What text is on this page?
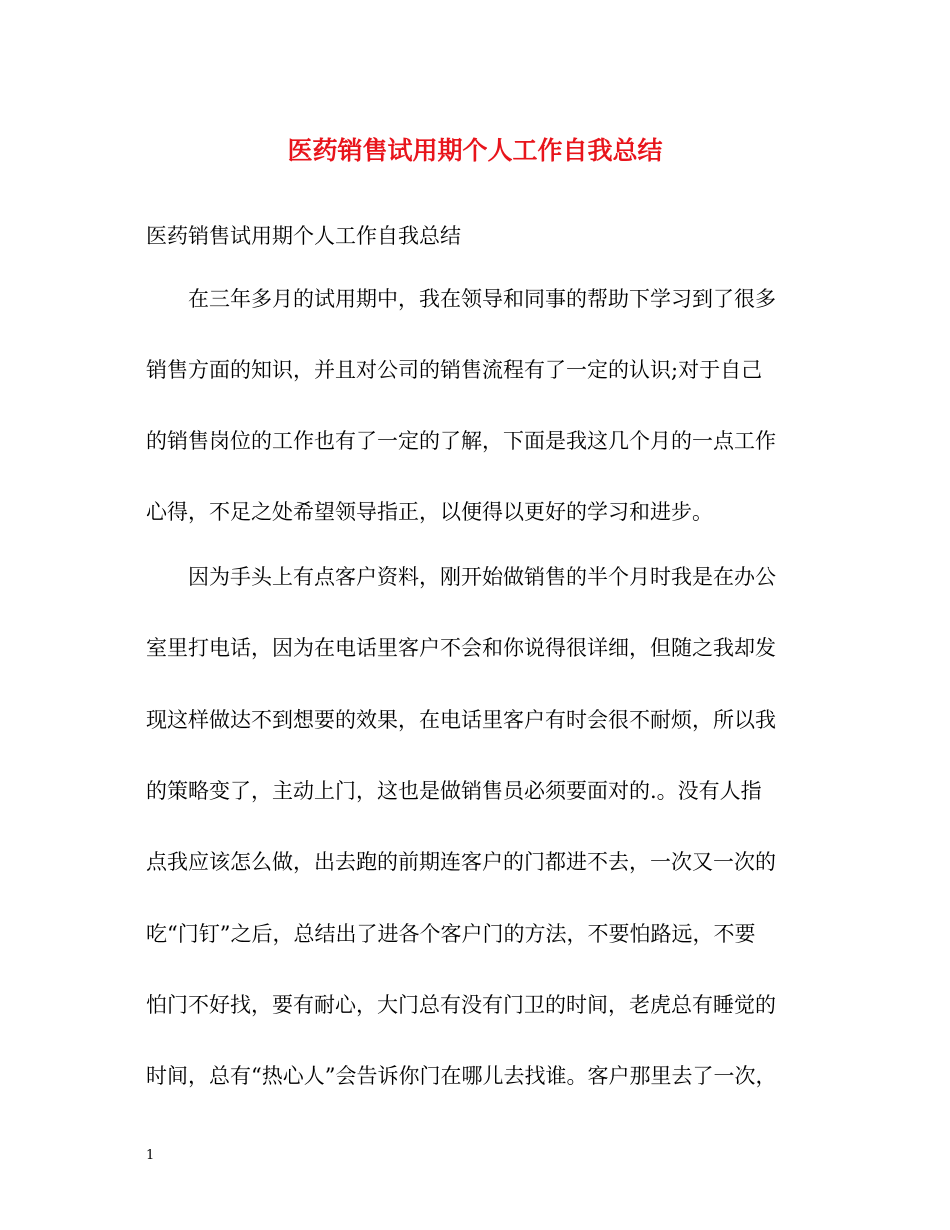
医药销售试用期个人工作自我总结
医药销售试用期个人工作自我总结
在三年多月的试用期中，我在领导和同事的帮助下学习到了很多
销售方面的知识，并且对公司的销售流程有了一定的认识;对于自己
的销售岗位的工作也有了一定的了解，下面是我这几个月的一点工作
心得，不足之处希望领导指正，以便得以更好的学习和进步。
因为手头上有点客户资料，刚开始做销售的半个月时我是在办公
室里打电话，因为在电话里客户不会和你说得很详细，但随之我却发
现这样做达不到想要的效果，在电话里客户有时会很不耐烦，所以我
的策略变了，主动上门，这也是做销售员必须要面对的.。没有人指
点我应该怎么做，出去跑的前期连客户的门都进不去，一次又一次的
吃“门钉”之后，总结出了进各个客户门的方法，不要怕路远，不要
怕门不好找，要有耐心，大门总有没有门卫的时间，老虎总有睡觉的
时间，总有“热心人”会告诉你门在哪儿去找谁。客户那里去了一次，
1
